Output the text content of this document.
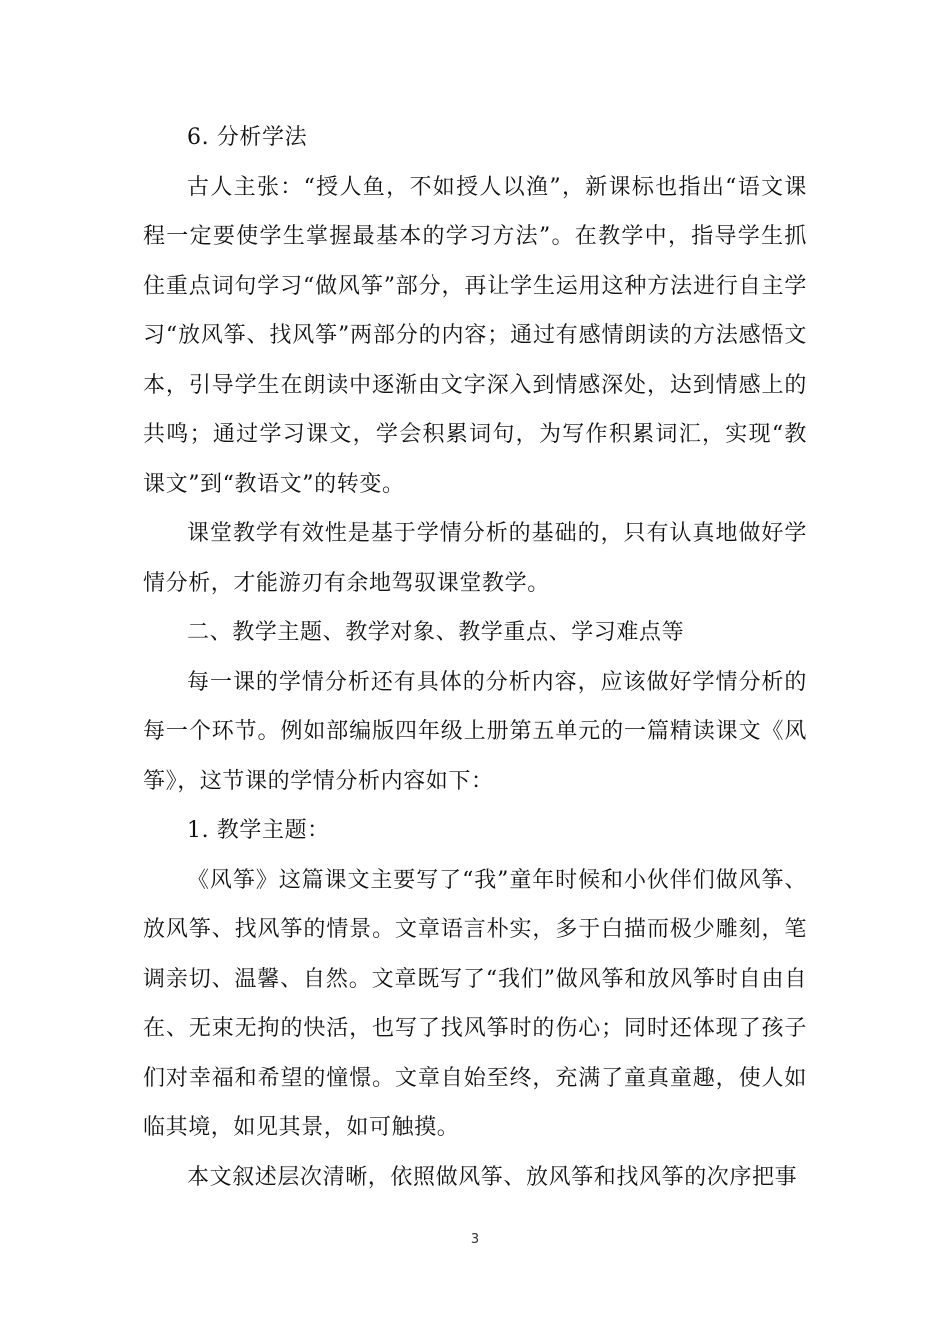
6. 分析学法

古人主张：“授人鱼，不如授人以渔”，新课标也指出“语文课程一定要使学生掌握最基本的学习方法”。在教学中，指导学生抓住重点词句学习“做风筝”部分，再让学生运用这种方法进行自主学习“放风筝、找风筝”两部分的内容；通过有感情朗读的方法感悟文本，引导学生在朗读中逐渐由文字深入到情感深处，达到情感上的共鸣；通过学习课文，学会积累词句，为写作积累词汇，实现“教课文”到“教语文”的转变。

课堂教学有效性是基于学情分析的基础的，只有认真地做好学情分析，才能游刃有余地驾驭课堂教学。

二、教学主题、教学对象、教学重点、学习难点等

每一课的学情分析还有具体的分析内容，应该做好学情分析的每一个环节。例如部编版四年级上册第五单元的一篇精读课文《风筝》，这节课的学情分析内容如下：

1. 教学主题：

《风筝》这篇课文主要写了“我”童年时候和小伙伴们做风筝、放风筝、找风筝的情景。文章语言朴实，多于白描而极少雕刻，笔调亲切、温馨、自然。文章既写了“我们”做风筝和放风筝时自由自在、无束无拘的快活，也写了找风筝时的伤心；同时还体现了孩子们对幸福和希望的憧憬。文章自始至终，充满了童真童趣，使人如临其境，如见其景，如可触摸。

本文叙述层次清晰，依照做风筝、放风筝和找风筝的次序把事

3
